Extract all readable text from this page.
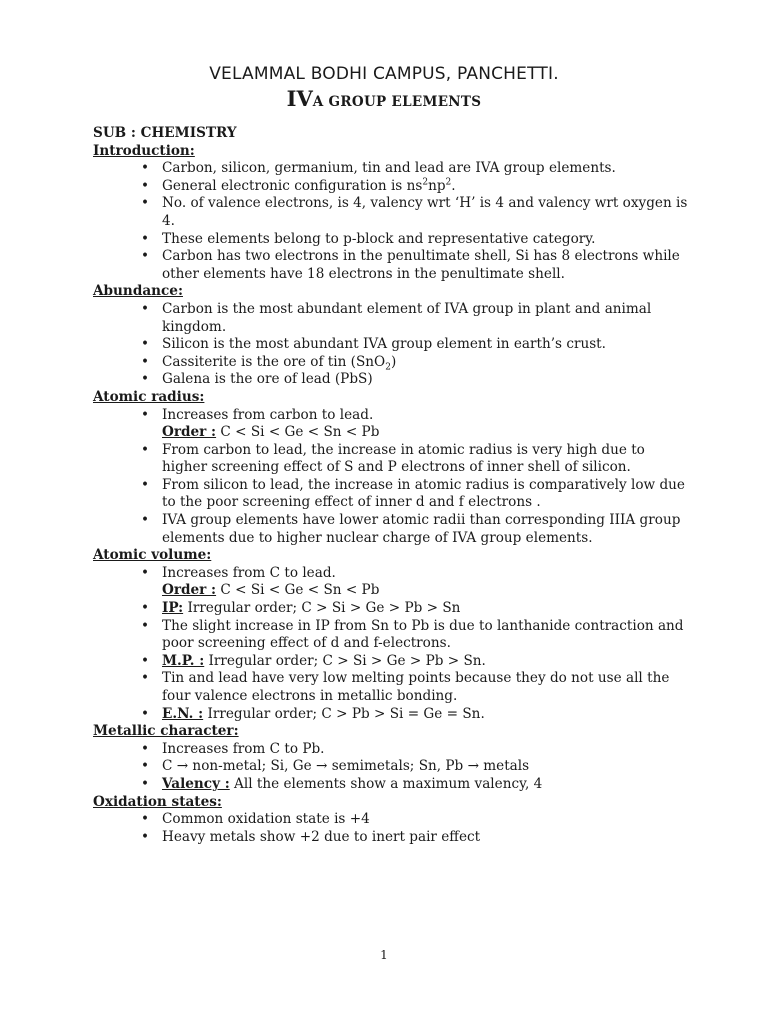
VELAMMAL BODHI CAMPUS, PANCHETTI.
IVA GROUP ELEMENTS
SUB : CHEMISTRY
Introduction:
• Carbon, silicon, germanium, tin and lead are IVA group elements.
• General electronic configuration is $ns^2np^2$.
• No. of valence electrons, is 4, valency wrt ‘H’ is 4 and valency wrt oxygen is 4.
• These elements belong to p-block and representative category.
• Carbon has two electrons in the penultimate shell, Si has 8 electrons while other elements have 18 electrons in the penultimate shell.
Abundance:
• Carbon is the most abundant element of IVA group in plant and animal kingdom.
• Silicon is the most abundant IVA group element in earth’s crust.
• Cassiterite is the ore of tin (SnO$_2$)
• Galena is the ore of lead (PbS)
Atomic radius:
• Increases from carbon to lead.
Order : C < Si < Ge < Sn < Pb
• From carbon to lead, the increase in atomic radius is very high due to higher screening effect of S and P electrons of inner shell of silicon.
• From silicon to lead, the increase in atomic radius is comparatively low due to the poor screening effect of inner d and f electrons .
• IVA group elements have lower atomic radii than corresponding IIIA group elements due to higher nuclear charge of IVA group elements.
Atomic volume:
• Increases from C to lead.
Order : C < Si < Ge < Sn < Pb
• IP: Irregular order; C > Si > Ge > Pb > Sn
• The slight increase in IP from Sn to Pb is due to lanthanide contraction and poor screening effect of d and f-electrons.
• M.P. : Irregular order; C > Si > Ge > Pb > Sn.
• Tin and lead have very low melting points because they do not use all the four valence electrons in metallic bonding.
• E.N. : Irregular order; C > Pb > Si = Ge = Sn.
Metallic character:
• Increases from C to Pb.
• C → non-metal; Si, Ge → semimetals; Sn, Pb → metals
• Valency : All the elements show a maximum valency, 4
Oxidation states:
• Common oxidation state is +4
• Heavy metals show +2 due to inert pair effect
1
